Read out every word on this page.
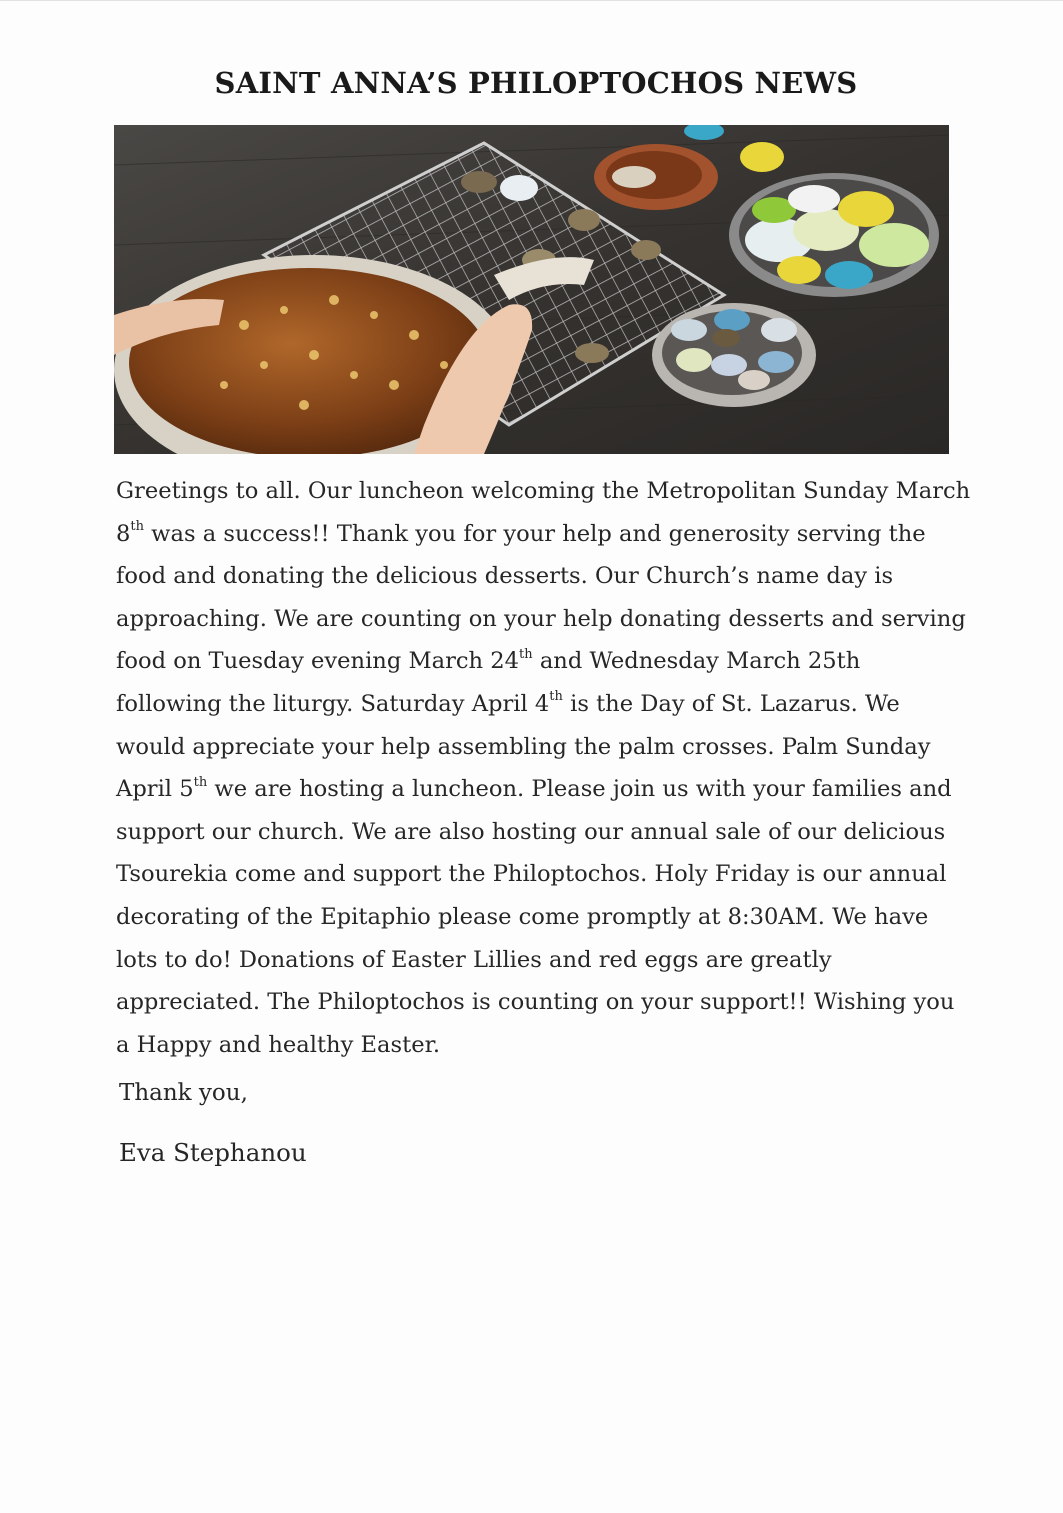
SAINT ANNA’S PHILOPTOCHOS NEWS
Greetings to all. Our luncheon welcoming the Metropolitan Sunday March
8th was a success!! Thank you for your help and generosity serving the
food and donating the delicious desserts. Our Church’s name day is
approaching. We are counting on your help donating desserts and serving
food on Tuesday evening March 24th and Wednesday March 25th
following the liturgy. Saturday April 4th is the Day of St. Lazarus. We
would appreciate your help assembling the palm crosses. Palm Sunday
April 5th we are hosting a luncheon. Please join us with your families and
support our church. We are also hosting our annual sale of our delicious
Tsourekia come and support the Philoptochos. Holy Friday is our annual
decorating of the Epitaphio please come promptly at 8:30AM. We have
lots to do! Donations of Easter Lillies and red eggs are greatly
appreciated. The Philoptochos is counting on your support!! Wishing you
a Happy and healthy Easter.
Thank you,
Eva Stephanou
